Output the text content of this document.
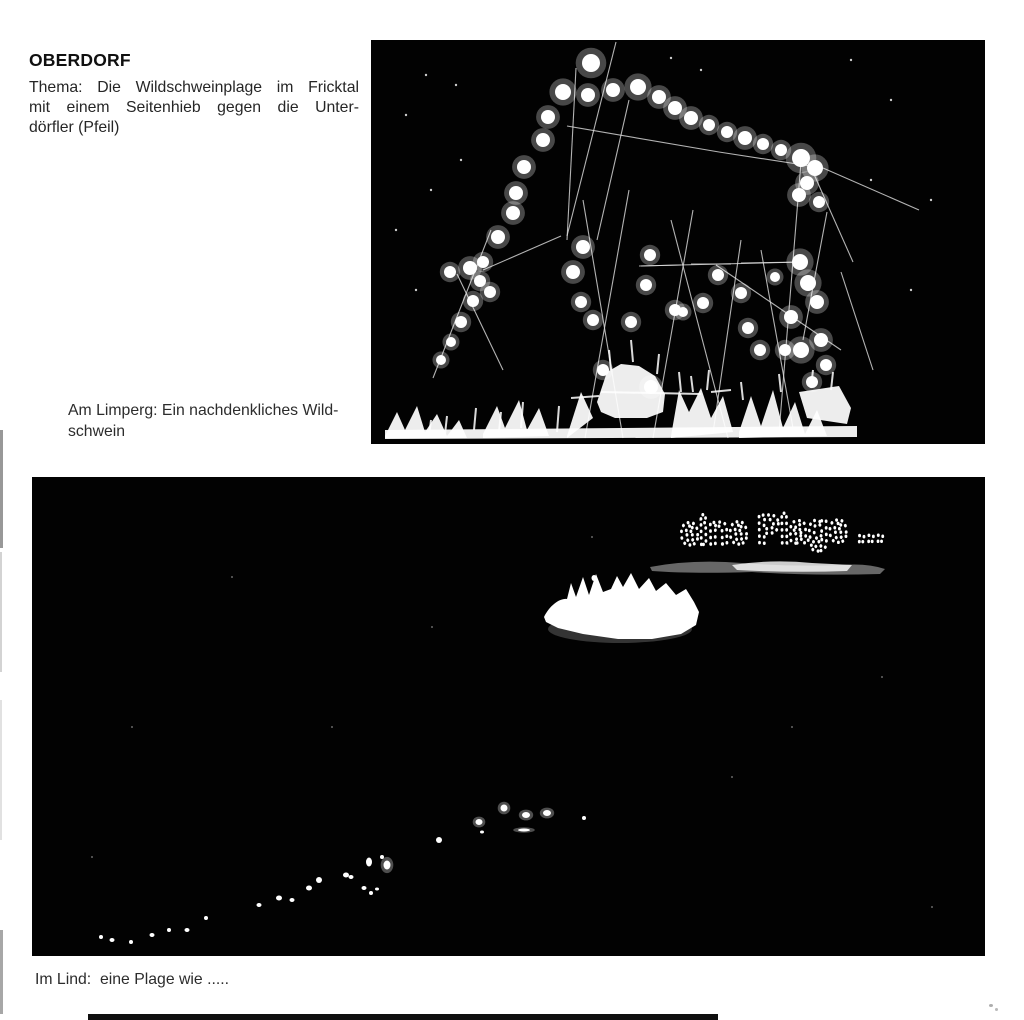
OBERDORF

Thema: Die Wildschweinplage im Fricktal

mit einem Seitenhieb gegen die Unter-

dörfler (Pfeil)

Am Limperg: Ein nachdenkliches Wild-
schwein
eine Plage ...
Im Lind:  eine Plage wie .....
